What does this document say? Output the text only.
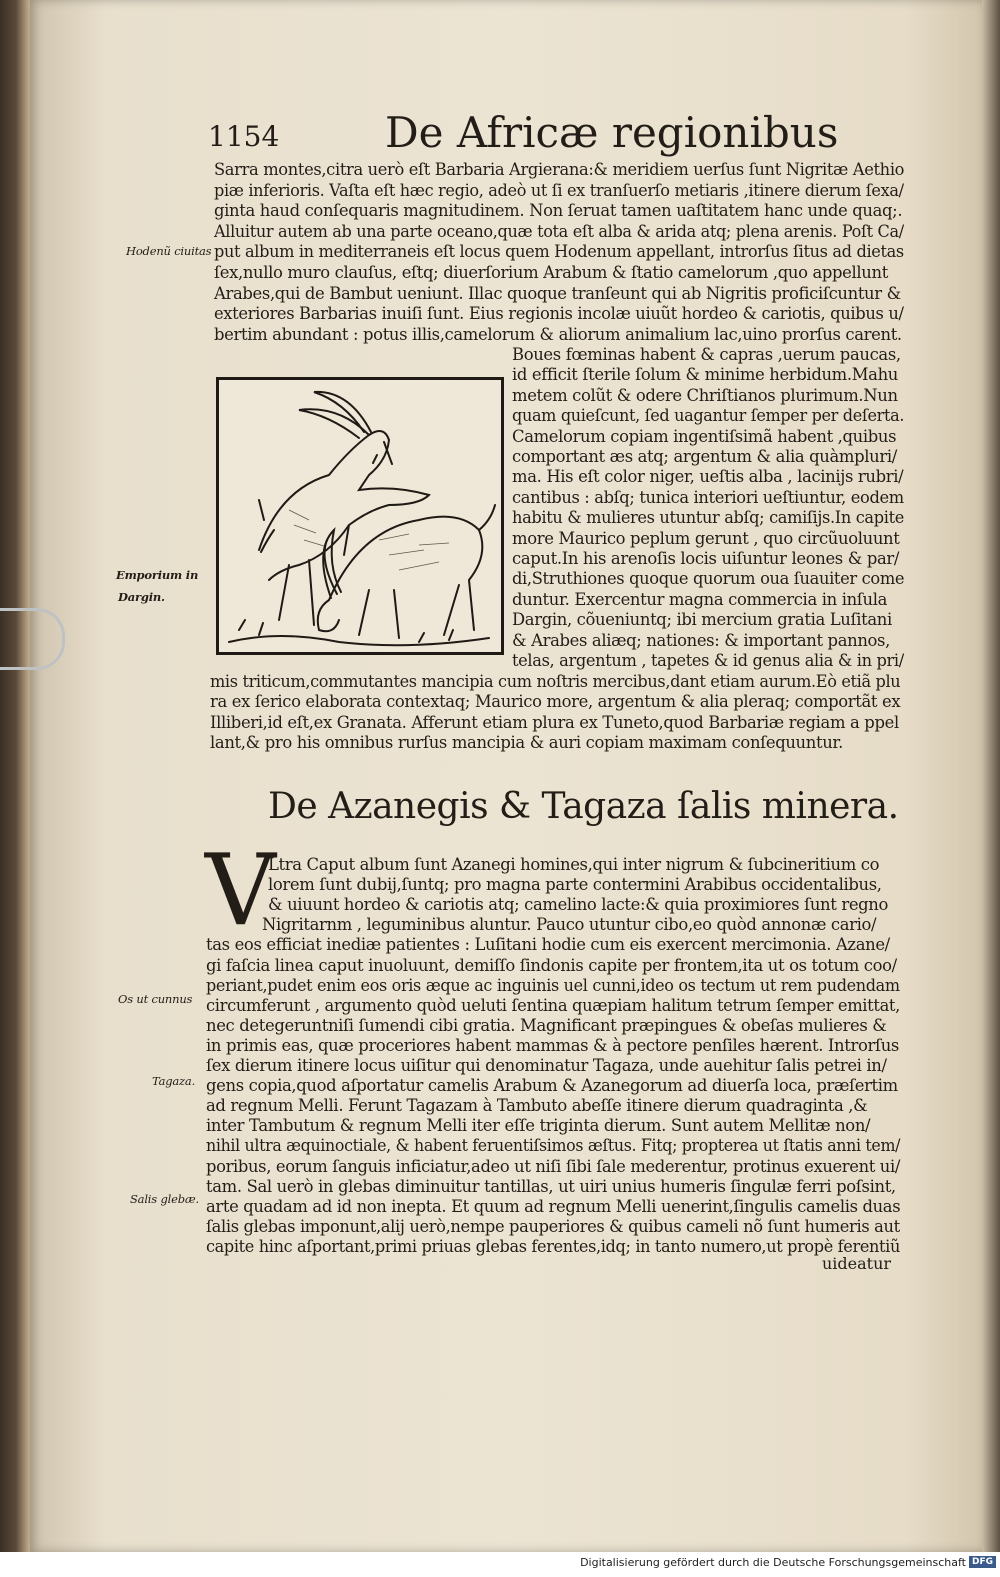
1154	De Africæ regionibus
Sarra montes,citra uerò eſt Barbaria Argierana:& meridiem uerſus ſunt Nigritæ Aethio
piæ inferioris. Vaſta eſt hæc regio, adeò ut ſi ex tranſuerſo metiaris ,itinere dierum ſexa/
ginta haud conſequaris magnitudinem. Non ſeruat tamen uaſtitatem hanc unde quaq;.
Alluitur autem ab una parte oceano,quæ tota eſt alba & arida atq; plena arenis. Poſt Ca/
put album in mediterraneis eſt locus quem Hodenum appellant, introrſus ſitus ad dietas
ſex,nullo muro clauſus, eſtq; diuerſorium Arabum & ſtatio camelorum ,quo appellunt
Arabes,qui de Bambut ueniunt. Illac quoque tranſeunt qui ab Nigritis proficiſcuntur &
exteriores Barbarias inuiſi ſunt. Eius regionis incolæ uiuũt hordeo & cariotis, quibus u/
bertim abundant : potus illis,camelorum & aliorum animalium lac,uino prorſus carent.
Boues fœminas habent & capras ,uerum paucas,
id efficit ſterile ſolum & minime herbidum.Mahu
metem colũt & odere Chriſtianos plurimum.Nun
quam quieſcunt, ſed uagantur ſemper per deſerta.
Camelorum copiam ingentiſsimã habent ,quibus
comportant æs atq; argentum & alia quàmpluri/
ma. His eſt color niger, ueſtis alba , lacinijs rubri/
cantibus : abſq; tunica interiori ueſtiuntur, eodem
habitu & mulieres utuntur abſq; camiſijs.In capite
more Maurico peplum gerunt , quo circũuoluunt
caput.In his arenoſis locis uiſuntur leones & par/
di,Struthiones quoque quorum oua ſuauiter come
duntur. Exercentur magna commercia in inſula
Dargin, cõueniuntq; ibi mercium gratia Luſitani
& Arabes aliæq; nationes: & important pannos,
telas, argentum , tapetes & id genus alia & in pri/
mis triticum,commutantes mancipia cum noſtris mercibus,dant etiam aurum.Eò etiã plu
ra ex ſerico elaborata contextaq; Maurico more, argentum & alia pleraq; comportãt ex
Illiberi,id eſt,ex Granata. Afferunt etiam plura ex Tuneto,quod Barbariæ regiam a ppel
lant,& pro his omnibus rurſus mancipia & auri copiam maximam conſequuntur.
Ltra Caput album ſunt Azanegi homines,qui inter nigrum & ſubcineritium co
lorem ſunt dubij,ſuntq; pro magna parte contermini Arabibus occidentalibus,
& uiuunt hordeo & cariotis atq; camelino lacte:& quia proximiores ſunt regno
Nigritarnm , leguminibus aluntur. Pauco utuntur cibo,eo quòd annonæ cario/
tas eos efficiat inediæ patientes : Luſitani hodie cum eis exercent mercimonia. Azane/
gi faſcia linea caput inuoluunt, demiſſo ſindonis capite per frontem,ita ut os totum coo/
periant,pudet enim eos oris æque ac inguinis uel cunni,ideo os tectum ut rem pudendam
circumferunt , argumento quòd ueluti ſentina quæpiam halitum tetrum ſemper emittat,
nec detegeruntniſi ſumendi cibi gratia. Magnificant præpingues & obeſas mulieres &
in primis eas, quæ proceriores habent mammas & à pectore penſiles hærent. Introrſus
ſex dierum itinere locus uiſitur qui denominatur Tagaza, unde auehitur ſalis petrei in/
gens copia,quod aſportatur camelis Arabum & Azanegorum ad diuerſa loca, præſertim
ad regnum Melli. Ferunt Tagazam à Tambuto abeſſe itinere dierum quadraginta ,&
inter Tambutum & regnum Melli iter eſſe triginta dierum. Sunt autem Mellitæ non/
nihil ultra æquinoctiale, & habent feruentiſsimos æſtus. Fitq; propterea ut ſtatis anni tem/
poribus, eorum ſanguis inficiatur,adeo ut niſi ſibi ſale mederentur, protinus exuerent ui/
tam. Sal uerò in glebas diminuitur tantillas, ut uiri unius humeris ſingulæ ferri poſsint,
arte quadam ad id non inepta. Et quum ad regnum Melli uenerint,ſingulis camelis duas
ſalis glebas imponunt,alij uerò,nempe pauperiores & quibus cameli nõ ſunt humeris aut
capite hinc aſportant,primi priuas glebas ferentes,idq; in tanto numero,ut propè ferentiũ
Hodenũ ciuitas
Emporium in
Dargin.
Os ut cunnus
Tagaza.
Salis glebæ.
De Azanegis & Tagaza ſalis minera.
V
uideatur
Digitalisierung gefördert durch die Deutsche Forschungsgemeinschaft DFG
